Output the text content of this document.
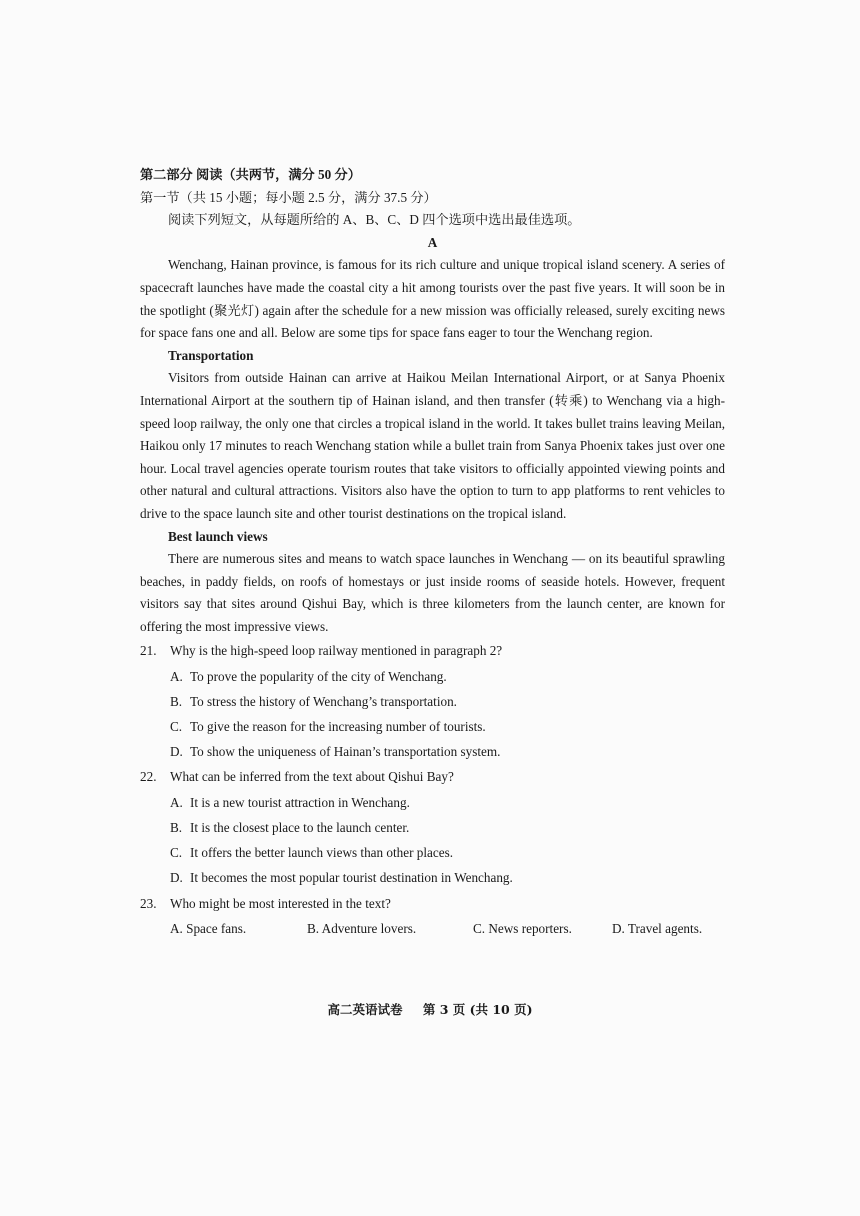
第二部分 阅读（共两节，满分 50 分）
第一节（共 15 小题；每小题 2.5 分，满分 37.5 分）
阅读下列短文，从每题所给的 A、B、C、D 四个选项中选出最佳选项。
A

Wenchang, Hainan province, is famous for its rich culture and unique tropical island scenery. A series of spacecraft launches have made the coastal city a hit among tourists over the past five years. It will soon be in the spotlight (聚光灯) again after the schedule for a new mission was officially released, surely exciting news for space fans one and all. Below are some tips for space fans eager to tour the Wenchang region.

Transportation

Visitors from outside Hainan can arrive at Haikou Meilan International Airport, or at Sanya Phoenix International Airport at the southern tip of Hainan island, and then transfer (转乘) to Wenchang via a high-speed loop railway, the only one that circles a tropical island in the world. It takes bullet trains leaving Meilan, Haikou only 17 minutes to reach Wenchang station while a bullet train from Sanya Phoenix takes just over one hour. Local travel agencies operate tourism routes that take visitors to officially appointed viewing points and other natural and cultural attractions. Visitors also have the option to turn to app platforms to rent vehicles to drive to the space launch site and other tourist destinations on the tropical island.

Best launch views

There are numerous sites and means to watch space launches in Wenchang — on its beautiful sprawling beaches, in paddy fields, on roofs of homestays or just inside rooms of seaside hotels. However, frequent visitors say that sites around Qishui Bay, which is three kilometers from the launch center, are known for offering the most impressive views.

21. Why is the high-speed loop railway mentioned in paragraph 2?
A. To prove the popularity of the city of Wenchang.
B. To stress the history of Wenchang’s transportation.
C. To give the reason for the increasing number of tourists.
D. To show the uniqueness of Hainan’s transportation system.
22. What can be inferred from the text about Qishui Bay?
A. It is a new tourist attraction in Wenchang.
B. It is the closest place to the launch center.
C. It offers the better launch views than other places.
D. It becomes the most popular tourist destination in Wenchang.
23. Who might be most interested in the text?
A. Space fans.	B. Adventure lovers.	C. News reporters.	D. Travel agents.
高二英语试卷 第 3 页 (共 10 页)
